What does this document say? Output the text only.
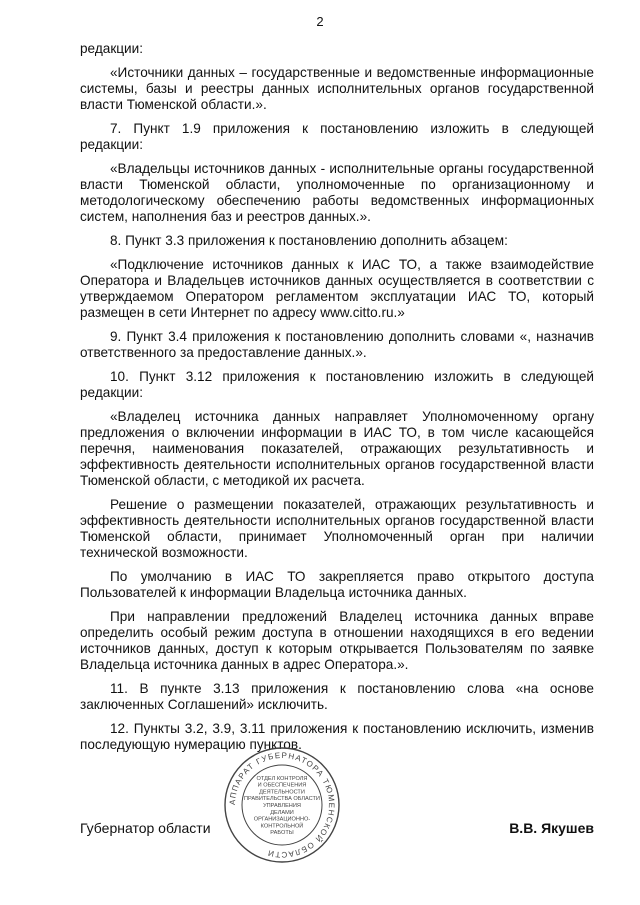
2

редакции:

«Источники данных – государственные и ведомственные информационные системы, базы и реестры данных исполнительных органов государственной власти Тюменской области.».

7. Пункт 1.9 приложения к постановлению изложить в следующей редакции:

«Владельцы источников данных - исполнительные органы государственной власти Тюменской области, уполномоченные по организационному и методологическому обеспечению работы ведомственных информационных систем, наполнения баз и реестров данных.».

8. Пункт 3.3 приложения к постановлению дополнить абзацем:

«Подключение источников данных к ИАС ТО, а также взаимодействие Оператора и Владельцев источников данных осуществляется в соответствии с утверждаемом Оператором регламентом эксплуатации ИАС ТО, который размещен в сети Интернет по адресу www.citto.ru.»

9. Пункт 3.4 приложения к постановлению дополнить словами «, назначив ответственного за предоставление данных.».

10. Пункт 3.12 приложения к постановлению изложить в следующей редакции:

«Владелец источника данных направляет Уполномоченному органу предложения о включении информации в ИАС ТО, в том числе касающейся перечня, наименования показателей, отражающих результативность и эффективность деятельности исполнительных органов государственной власти Тюменской области, с методикой их расчета.

Решение о размещении показателей, отражающих результативность и эффективность деятельности исполнительных органов государственной власти Тюменской области, принимает Уполномоченный орган при наличии технической возможности.

По умолчанию в ИАС ТО закрепляется право открытого доступа Пользователей к информации Владельца источника данных.

При направлении предложений Владелец источника данных вправе определить особый режим доступа в отношении находящихся в его ведении источников данных, доступ к которым открывается Пользователям по заявке Владельца источника данных в адрес Оператора.».

11. В пункте 3.13 приложения к постановлению слова «на основе заключенных Соглашений» исключить.

12. Пункты 3.2, 3.9, 3.11 приложения к постановлению исключить, изменив последующую нумерацию пунктов.

АППАРАТ ГУБЕРНАТОРА ТЮМЕНСКОЙ ОБЛАСТИ
ОТДЕЛ КОНТРОЛЯ
И ОБЕСПЕЧЕНИЯ
ДЕЯТЕЛЬНОСТИ
ПРАВИТЕЛЬСТВА ОБЛАСТИ
УПРАВЛЕНИЯ
ДЕЛАМИ
ОРГАНИЗАЦИОННО-
КОНТРОЛЬНОЙ
РАБОТЫ
Губернатор области	В.В. Якушев
